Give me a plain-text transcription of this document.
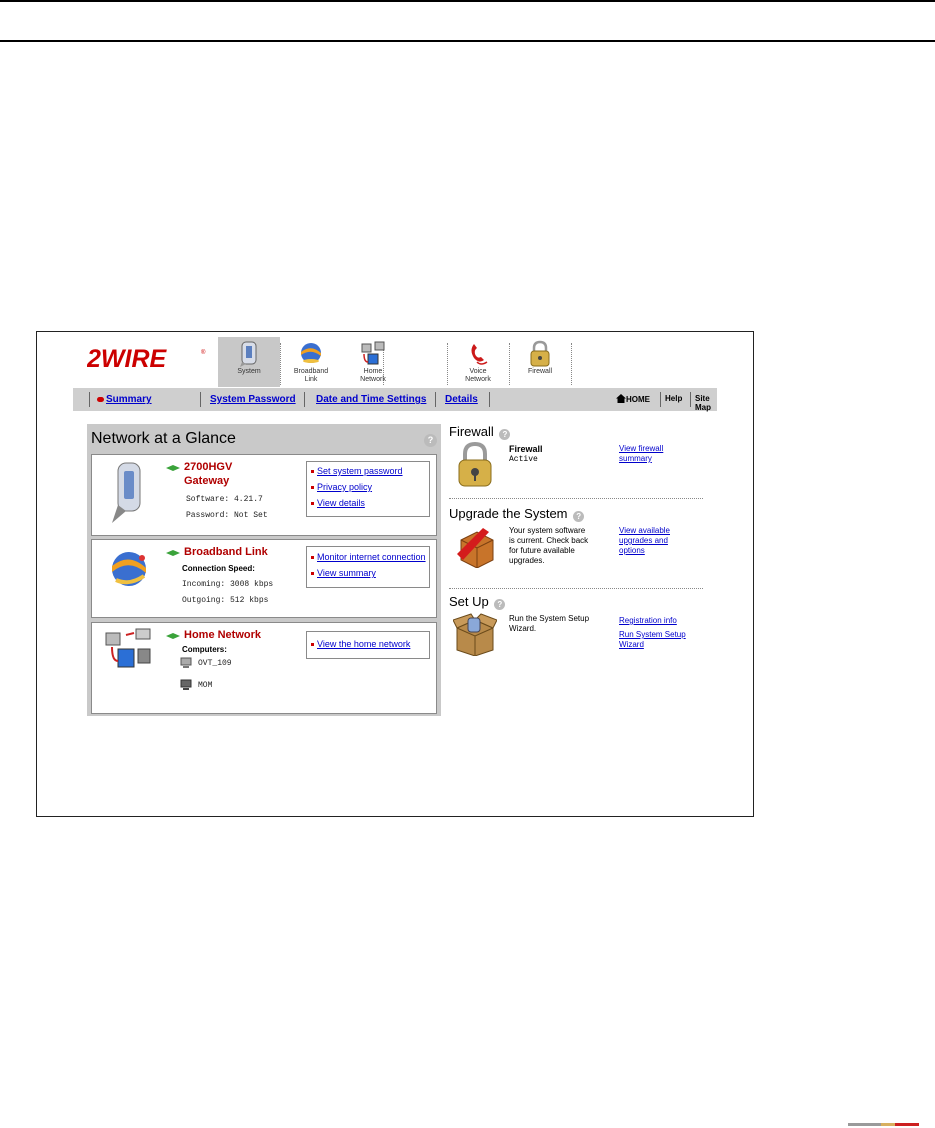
2WIRE	®
System	Broadband
Link
Home
Network
Voice
Network
Firewall
Summary	System Password Date and Time Settings Details	HOME Help Site Map
Network at a Glance	?
2700HGV
Gateway
Software: 4.21.7
Password: Not Set
Set system password
Privacy policy
View details
Broadband Link
Connection Speed:
Incoming: 3008 kbps
Outgoing: 512 kbps
Monitor internet connection
View summary
Home Network
Computers:
OVT_109
MOM
View the home network
Firewall ?
Firewall
Active
View firewall
summary
Upgrade the System ?
Your system software
is current. Check back
for future available
upgrades.
View available
upgrades and
options
Set Up ?
Run the System Setup
Wizard.
Registration info
Run System Setup
Wizard
